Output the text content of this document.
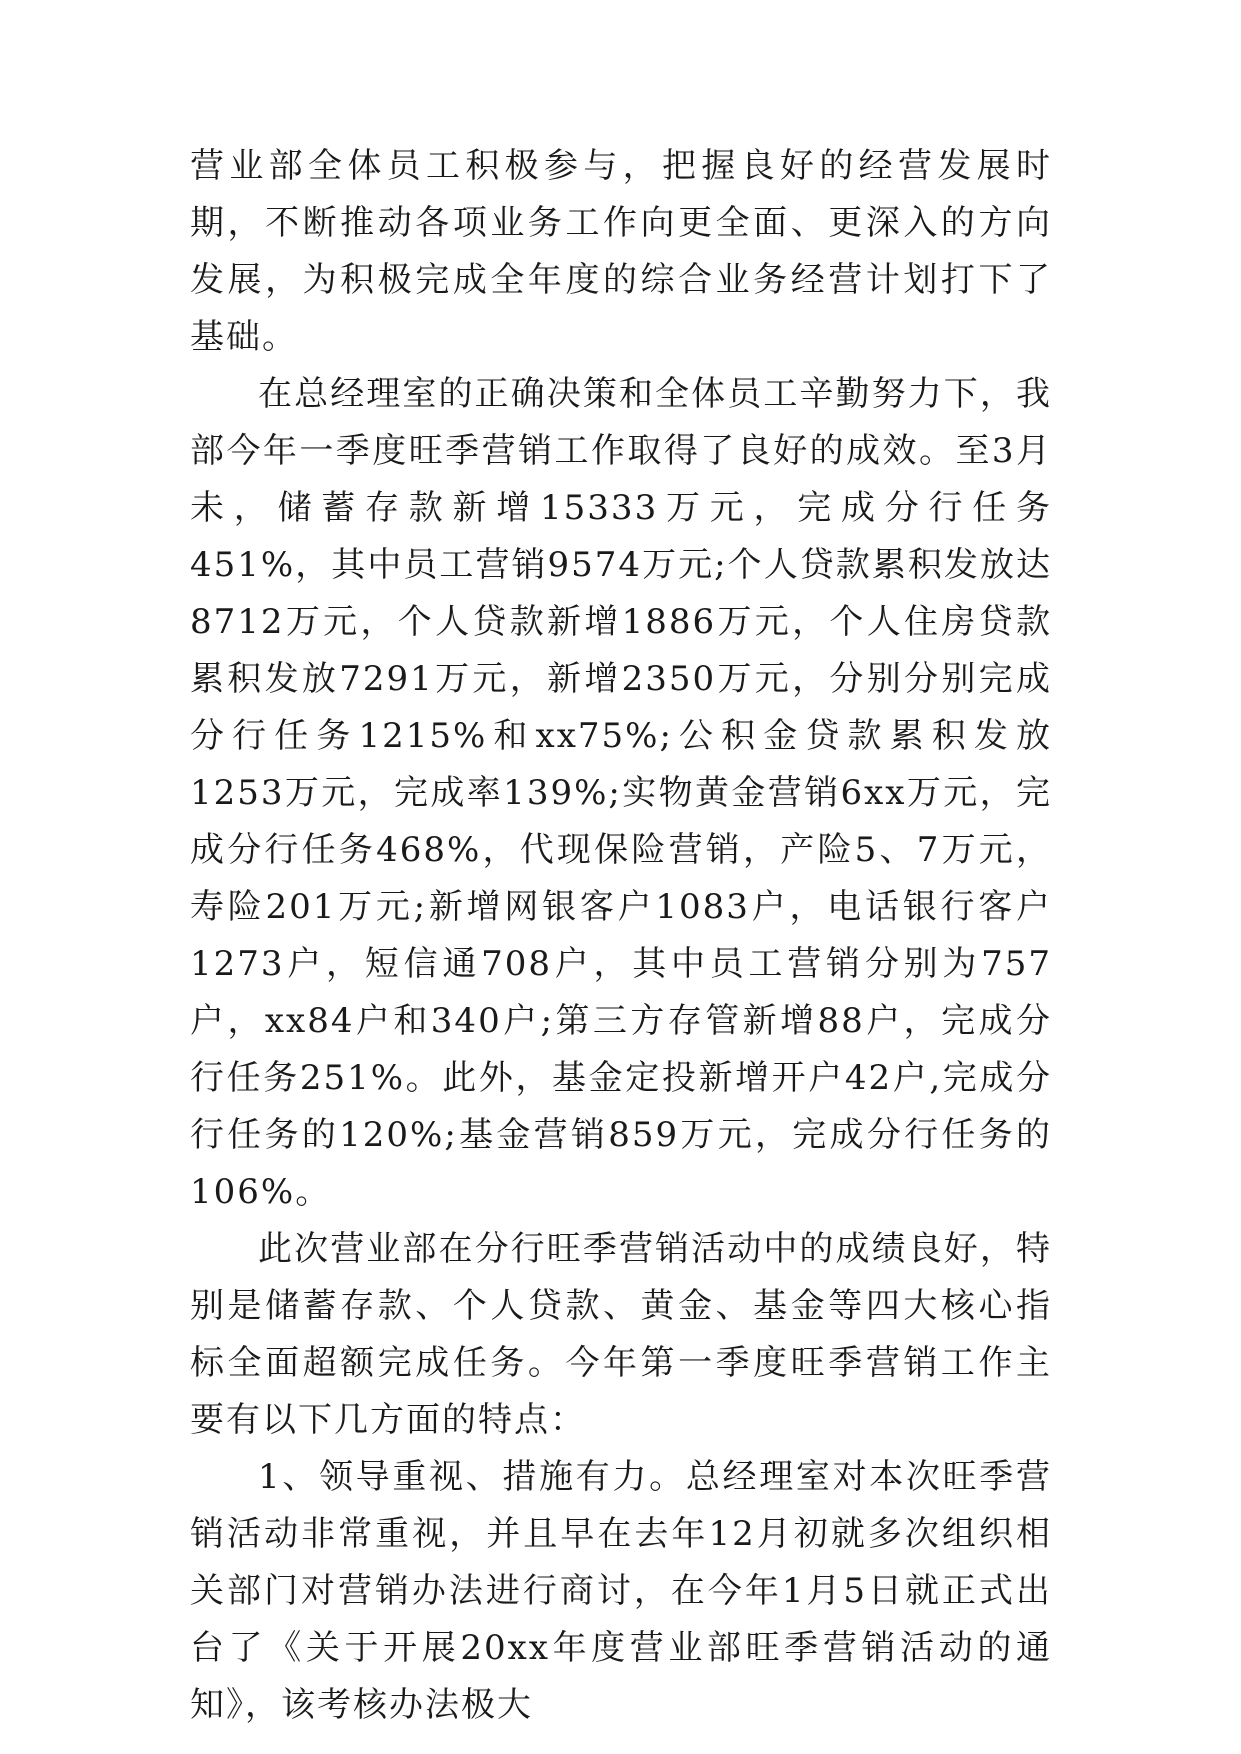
营业部全体员工积极参与，把握良好的经营发展时期，不断推动各项业务工作向更全面、更深入的方向发展，为积极完成全年度的综合业务经营计划打下了基础。

在总经理室的正确决策和全体员工辛勤努力下，我部今年一季度旺季营销工作取得了良好的成效。至3月未，储蓄存款新增15333万元，完成分行任务451%，其中员工营销9574万元;个人贷款累积发放达8712万元，个人贷款新增1886万元，个人住房贷款累积发放7291万元，新增2350万元，分别分别完成分行任务1215%和xx75%;公积金贷款累积发放1253万元，完成率139%;实物黄金营销6xx万元，完成分行任务468%，代现保险营销，产险5、7万元，寿险201万元;新增网银客户1083户，电话银行客户1273户，短信通708户，其中员工营销分别为757户，xx84户和340户;第三方存管新增88户，完成分行任务251%。此外，基金定投新增开户42户,完成分行任务的120%;基金营销859万元，完成分行任务的106%。

此次营业部在分行旺季营销活动中的成绩良好，特别是储蓄存款、个人贷款、黄金、基金等四大核心指标全面超额完成任务。今年第一季度旺季营销工作主要有以下几方面的特点：

1、领导重视、措施有力。总经理室对本次旺季营销活动非常重视，并且早在去年12月初就多次组织相关部门对营销办法进行商讨，在今年1月5日就正式出台了《关于开展20xx年度营业部旺季营销活动的通知》，该考核办法极大
